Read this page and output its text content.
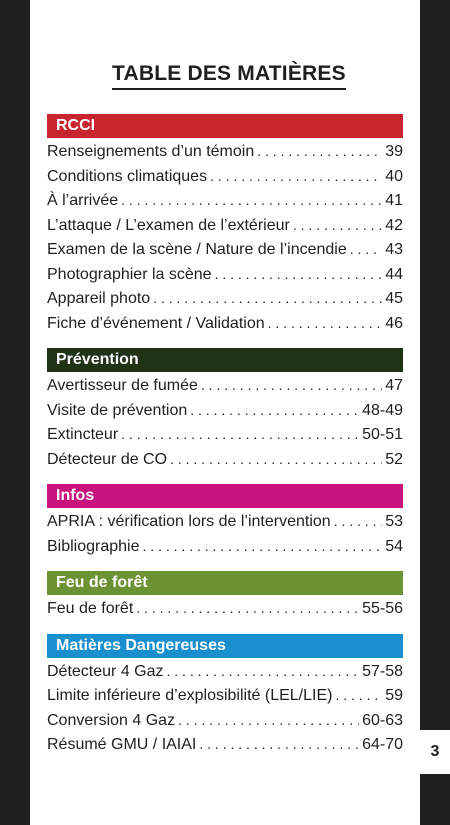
3
TABLE DES MATIÈRES
RCCI
Renseignements d’un témoin . . .	39
Conditions climatiques . . .	40
À l’arrivée . . .	41
L’attaque / L’examen de l’extérieur . . .	42
Examen de la scène / Nature de l’incendie . . . 43
Photographier la scène . . .	44
Appareil photo . . .	45
Fiche d’événement / Validation . . .	46
Prévention
Avertisseur de fumée . . .	47
Visite de prévention . . .	48-49
Extincteur . . .	50-51
Détecteur de CO . . .	52
Infos
APRIA : vérification lors de l’intervention . . .	53
Bibliographie . . .	54
Feu de forêt
Feu de forêt . . .	55-56
Matières Dangereuses
Détecteur 4 Gaz . . .	57-58
Limite inférieure d’explosibilité (LEL/LIE) . . .	59
Conversion 4 Gaz . . .	60-63
Résumé GMU / IAIAI . . .	64-70
